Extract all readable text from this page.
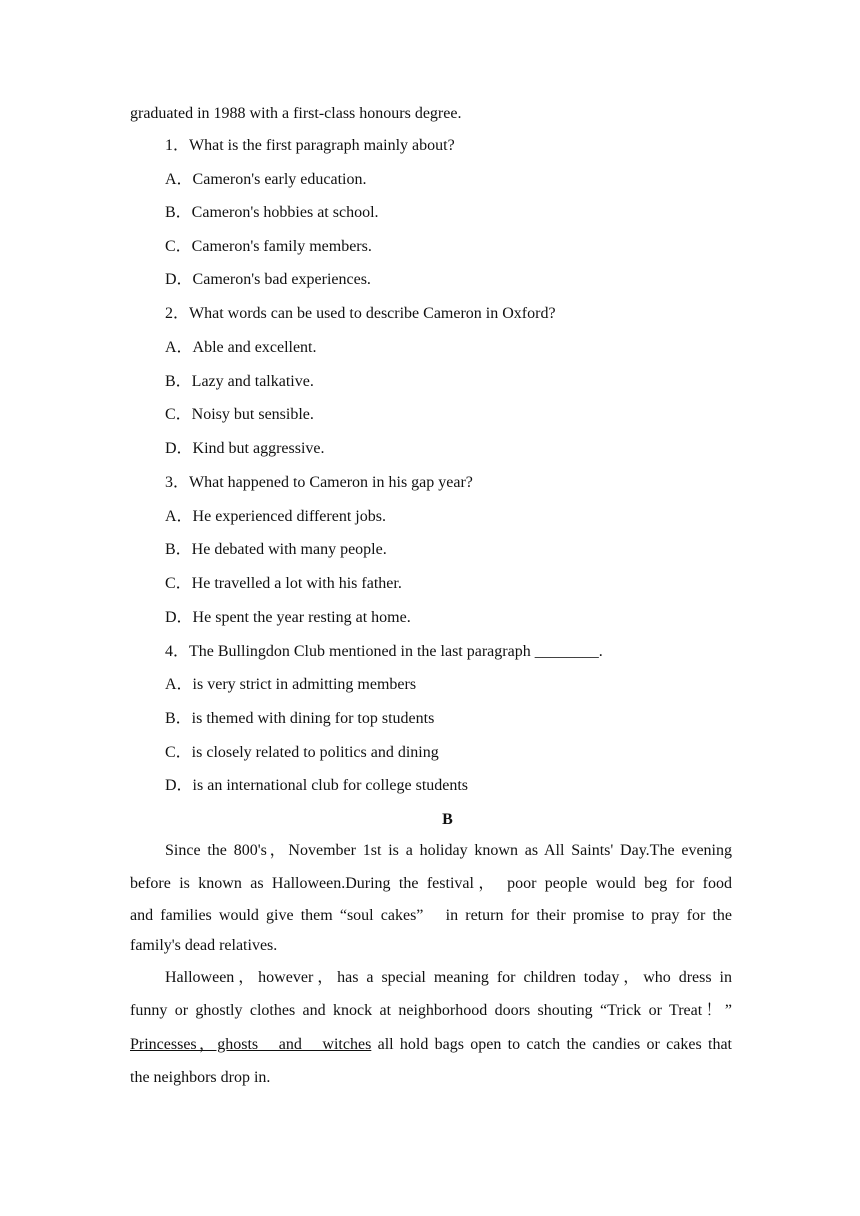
graduated in 1988 with a first-class honours degree.
1．What is the first paragraph mainly about?
A．Cameron's early education.
B．Cameron's hobbies at school.
C．Cameron's family members.
D．Cameron's bad experiences.
2．What words can be used to describe Cameron in Oxford?
A．Able and excellent.
B．Lazy and talkative.
C．Noisy but sensible.
D．Kind but aggressive.
3．What happened to Cameron in his gap year?
A．He experienced different jobs.
B．He debated with many people.
C．He travelled a lot with his father.
D．He spent the year resting at home.
4．The Bullingdon Club mentioned in the last paragraph ________.
A．is very strict in admitting members
B．is themed with dining for top students
C．is closely related to politics and dining
D．is an international club for college students
B
Since the 800's，November 1st is a holiday known as All Saints' Day.The evening
before is known as Halloween.During the festival， poor people would beg for food
and families would give them “soul cakes”　in return for their promise to pray for the
family's dead relatives.
Halloween，however，has a special meaning for children today，who dress in
funny or ghostly clothes and knock at neighborhood doors shouting “Trick or Treat！”
Princesses，ghosts　and　witches all hold bags open to catch the candies or cakes that
the neighbors drop in.
